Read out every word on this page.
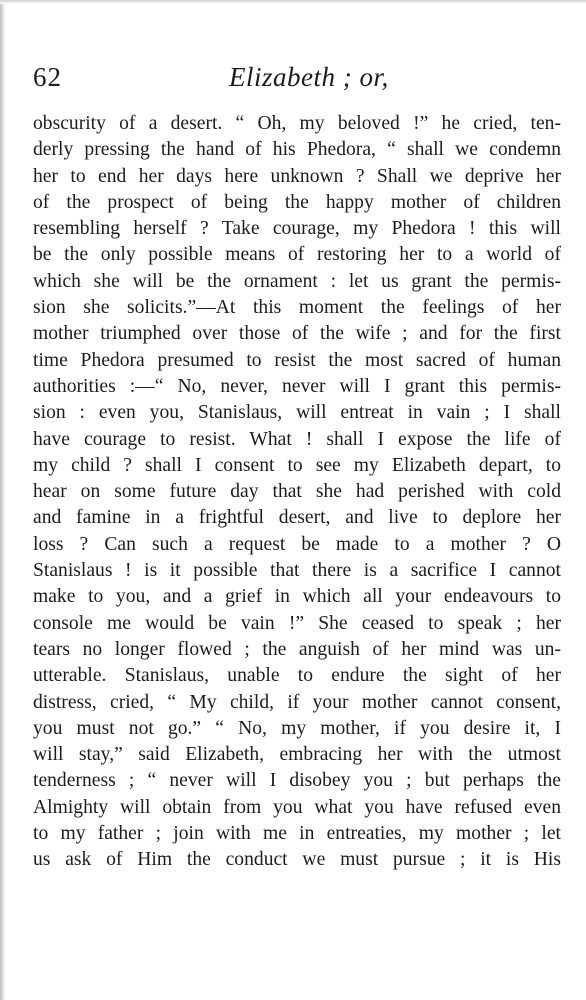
62	Elizabeth ; or,
obscurity of a desert. “ Oh, my beloved !” he cried, ten-
derly pressing the hand of his Phedora, “ shall we condemn
her to end her days here unknown ? Shall we deprive her
of the prospect of being the happy mother of children
resembling herself ? Take courage, my Phedora ! this will
be the only possible means of restoring her to a world of
which she will be the ornament : let us grant the permis-
sion she solicits.”—At this moment the feelings of her
mother triumphed over those of the wife ; and for the first
time Phedora presumed to resist the most sacred of human
authorities :—“ No, never, never will I grant this permis-
sion : even you, Stanislaus, will entreat in vain ; I shall
have courage to resist. What ! shall I expose the life of
my child ? shall I consent to see my Elizabeth depart, to
hear on some future day that she had perished with cold
and famine in a frightful desert, and live to deplore her
loss ? Can such a request be made to a mother ? O
Stanislaus ! is it possible that there is a sacrifice I cannot
make to you, and a grief in which all your endeavours to
console me would be vain !” She ceased to speak ; her
tears no longer flowed ; the anguish of her mind was un-
utterable. Stanislaus, unable to endure the sight of her
distress, cried, “ My child, if your mother cannot consent,
you must not go.” “ No, my mother, if you desire it, I
will stay,” said Elizabeth, embracing her with the utmost
tenderness ; “ never will I disobey you ; but perhaps the
Almighty will obtain from you what you have refused even
to my father ; join with me in entreaties, my mother ; let
us ask of Him the conduct we must pursue ; it is His
